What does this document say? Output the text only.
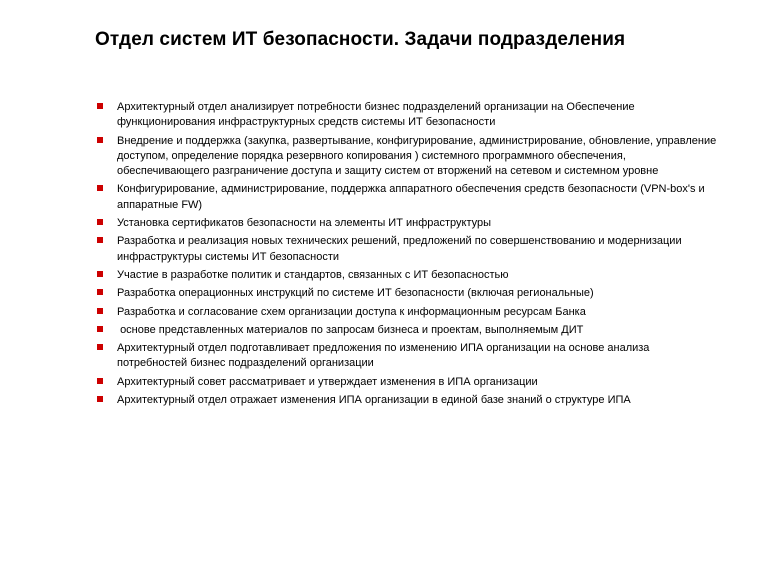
Отдел систем ИТ безопасности. Задачи подразделения
Архитектурный отдел анализирует потребности бизнес подразделений организации на Обеспечение функционирования инфраструктурных средств системы ИТ безопасности
Внедрение и поддержка (закупка, развертывание, конфигурирование, администрирование, обновление, управление доступом, определение порядка резервного копирования ) системного программного обеспечения, обеспечивающего разграничение доступа и защиту систем от вторжений на сетевом и системном уровне
Конфигурирование, администрирование, поддержка аппаратного обеспечения средств безопасности (VPN-box's и аппаратные FW)
Установка сертификатов безопасности на элементы ИТ инфраструктуры
Разработка и реализация новых технических решений, предложений по совершенствованию и модернизации инфраструктуры системы ИТ безопасности
Участие в разработке политик и стандартов, связанных с ИТ безопасностью
Разработка операционных инструкций по системе ИТ безопасности (включая региональные)
Разработка и согласование схем организации доступа к информационным ресурсам Банка
основе представленных материалов по запросам бизнеса и проектам, выполняемым ДИТ
Архитектурный отдел подготавливает предложения по изменению ИПА организации на основе анализа потребностей бизнес подразделений организации
Архитектурный совет рассматривает и утверждает изменения в ИПА организации
Архитектурный отдел отражает изменения ИПА организации в единой базе знаний о структуре ИПА
